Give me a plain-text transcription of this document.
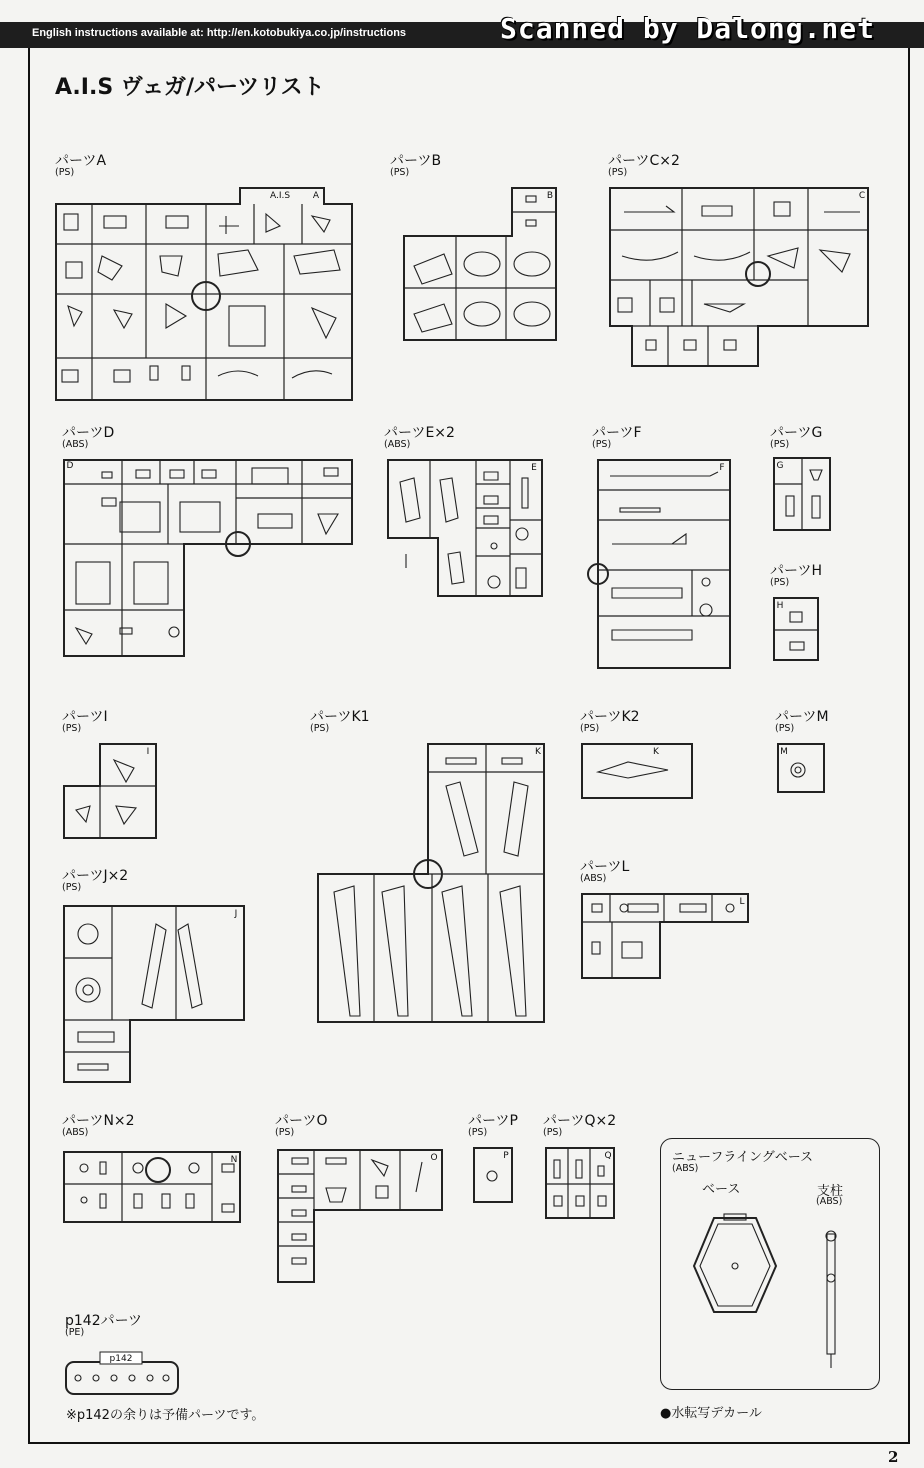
English instructions available at: http://en.kotobukiya.co.jp/instructions	Scanned by Dalong.net
A.I.S ヴェガ/パーツリスト
パーツA
(PS)
パーツB
(PS)
パーツC×2
(PS)
パーツD
(ABS)
パーツE×2
(ABS)
パーツF
(PS)
パーツG
(PS)
パーツH
(PS)
パーツI
(PS)
パーツK1
(PS)
パーツK2
(PS)
パーツM
(PS)
パーツJ×2
(PS)
パーツL
(ABS)
パーツN×2
(ABS)
パーツO
(PS)
パーツP
(PS)
パーツQ×2
(PS)
p142パーツ
(PE)
A.I.S	A	B	C
D	E	F	G
H
I	K	K	M
J
L
N	O	P	Q
p142
ニューフライングベース
(ABS)
ベース	支柱
(ABS)
●水転写デカール
※p142の余りは予備パーツです。
2
